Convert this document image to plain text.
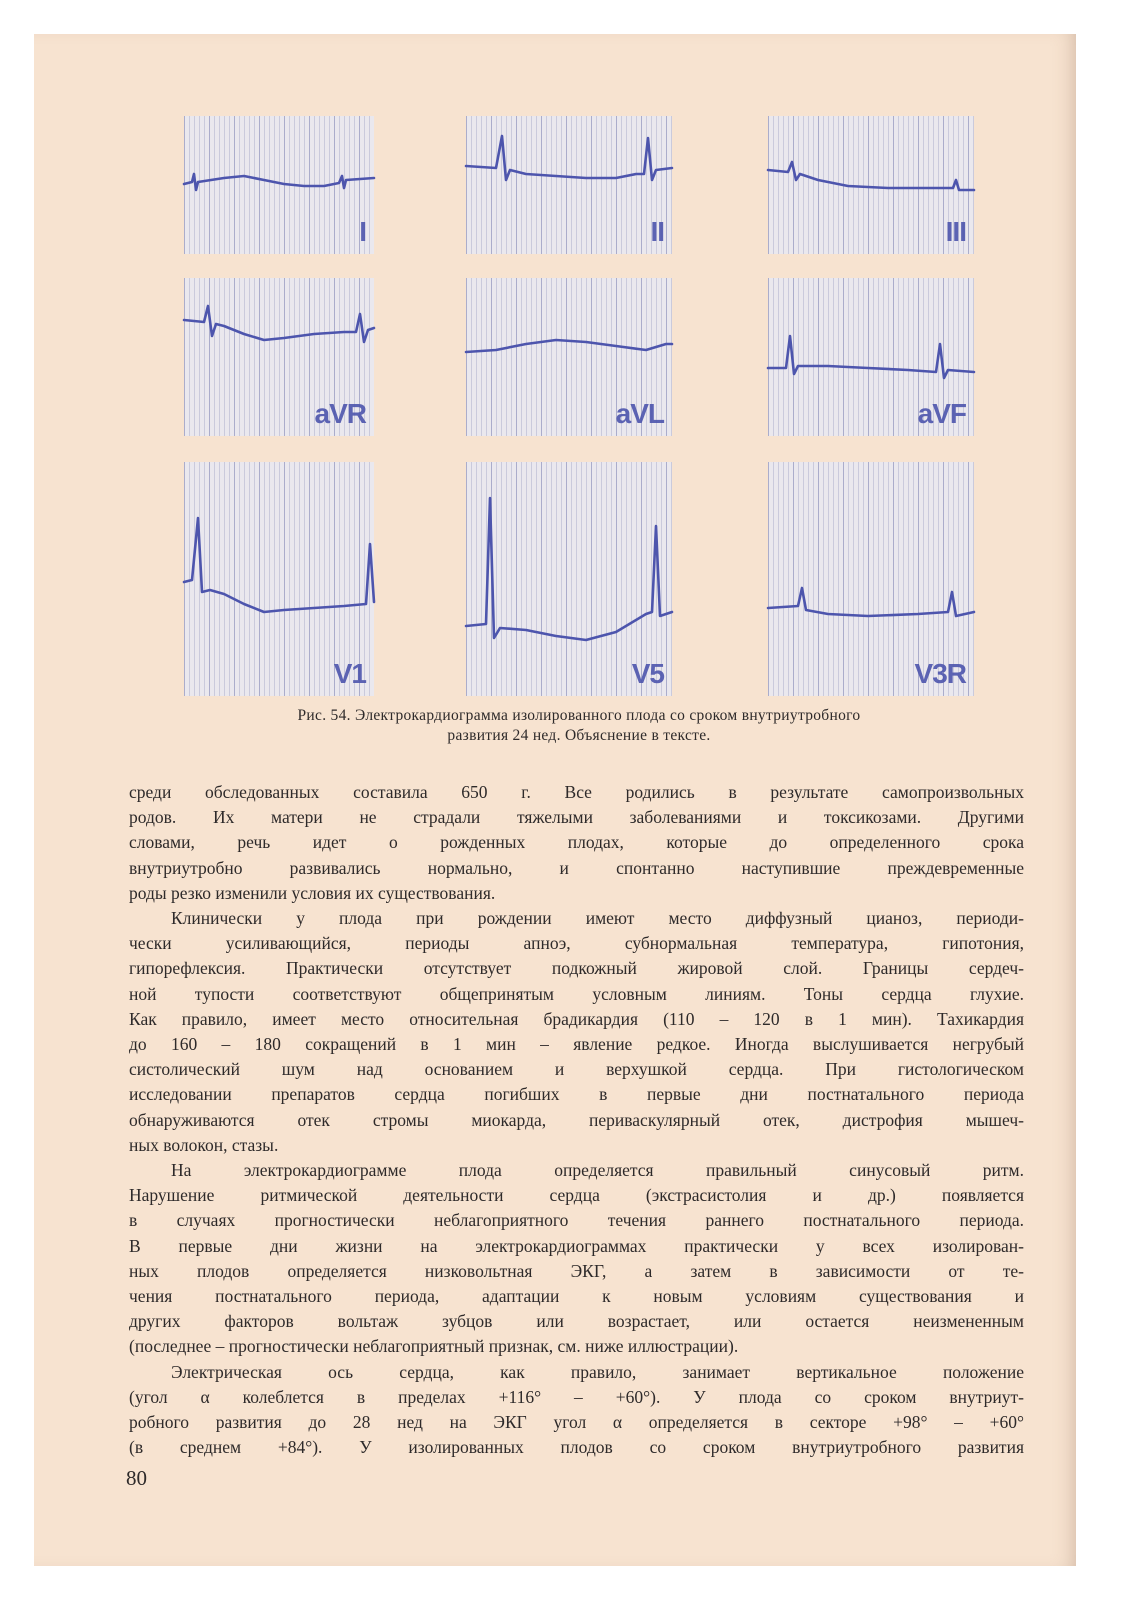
I	II	III
aVR	aVL	aVF
V1	V5	V3R
Рис. 54. Электрокардиограмма изолированного плода со сроком внутриутробного
развития 24 нед. Объяснение в тексте.

среди обследованных составила 650 г. Все родились в результате самопроизвольных

родов. Их матери не страдали тяжелыми заболеваниями и токсикозами. Другими

словами, речь идет о рожденных плодах, которые до определенного срока

внутриутробно развивались нормально, и спонтанно наступившие преждевременные

роды резко изменили условия их существования.

Клинически у плода при рождении имеют место диффузный цианоз, периоди-

чески усиливающийся, периоды апноэ, субнормальная температура, гипотония,

гипорефлексия. Практически отсутствует подкожный жировой слой. Границы сердеч-

ной тупости соответствуют общепринятым условным линиям. Тоны сердца глухие.

Как правило, имеет место относительная брадикардия (110 – 120 в 1 мин). Тахикардия

до 160 – 180 сокращений в 1 мин – явление редкое. Иногда выслушивается негрубый

систолический шум над основанием и верхушкой сердца. При гистологическом

исследовании препаратов сердца погибших в первые дни постнатального периода

обнаруживаются отек стромы миокарда, периваскулярный отек, дистрофия мышеч-

ных волокон, стазы.

На электрокардиограмме плода определяется правильный синусовый ритм.

Нарушение ритмической деятельности сердца (экстрасистолия и др.) появляется

в случаях прогностически неблагоприятного течения раннего постнатального периода.

В первые дни жизни на электрокардиограммах практически у всех изолирован-

ных плодов определяется низковольтная ЭКГ, а затем в зависимости от те-

чения постнатального периода, адаптации к новым условиям существования и

других факторов вольтаж зубцов или возрастает, или остается неизмененным

(последнее – прогностически неблагоприятный признак, см. ниже иллюстрации).

Электрическая ось сердца, как правило, занимает вертикальное положение

(угол α колеблется в пределах +116° – +60°). У плода со сроком внутриут-

робного развития до 28 нед на ЭКГ угол α определяется в секторе +98° – +60°

(в среднем +84°). У изолированных плодов со сроком внутриутробного развития

80
